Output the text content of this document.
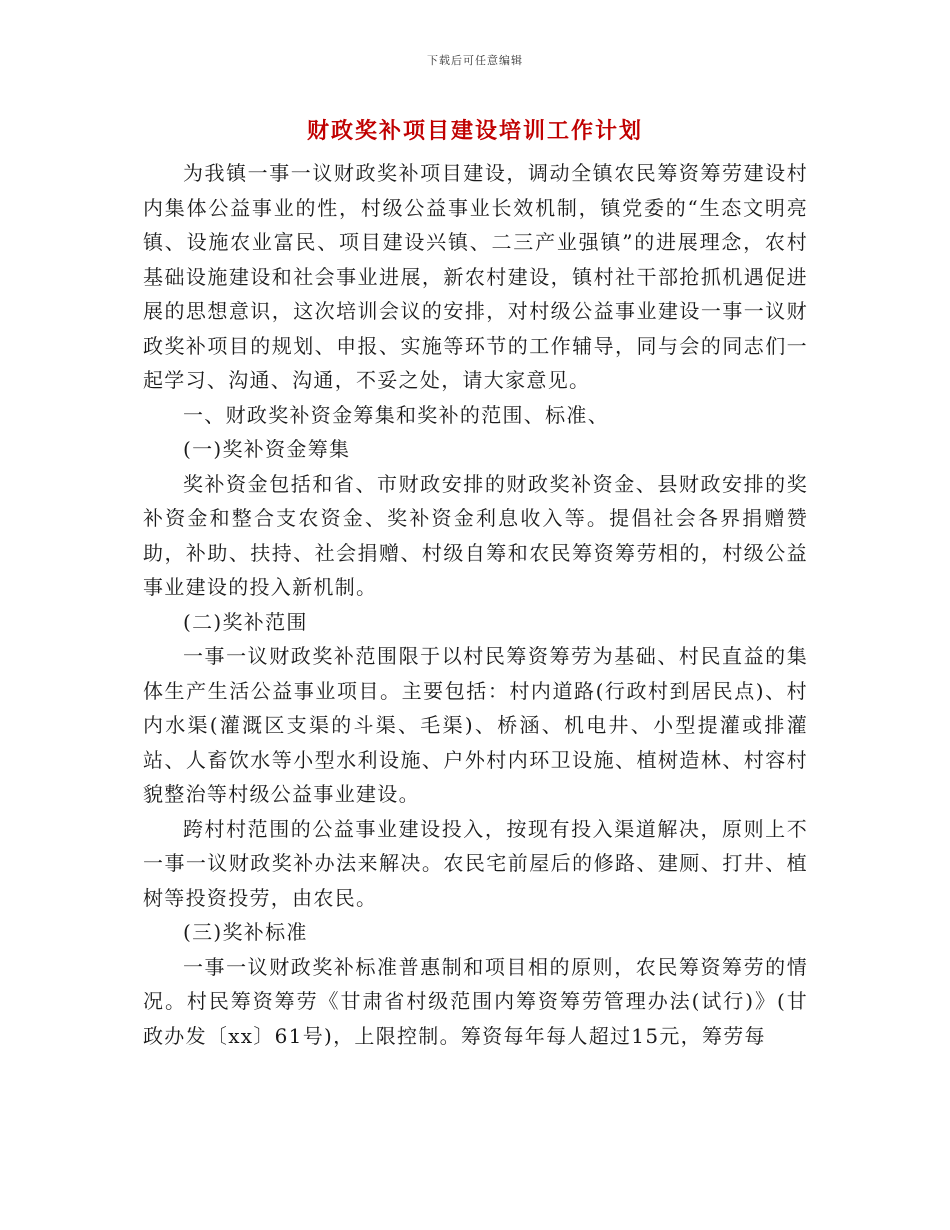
下载后可任意编辑
财政奖补项目建设培训工作计划

为我镇一事一议财政奖补项目建设，调动全镇农民筹资筹劳建设村内集体公益事业的性，村级公益事业长效机制，镇党委的“生态文明亮镇、设施农业富民、项目建设兴镇、二三产业强镇”的进展理念，农村基础设施建设和社会事业进展，新农村建设，镇村社干部抢抓机遇促进展的思想意识，这次培训会议的安排，对村级公益事业建设一事一议财政奖补项目的规划、申报、实施等环节的工作辅导，同与会的同志们一起学习、沟通、沟通，不妥之处，请大家意见。

一、财政奖补资金筹集和奖补的范围、标准、

(一)奖补资金筹集

奖补资金包括和省、市财政安排的财政奖补资金、县财政安排的奖补资金和整合支农资金、奖补资金利息收入等。提倡社会各界捐赠赞助，补助、扶持、社会捐赠、村级自筹和农民筹资筹劳相的，村级公益事业建设的投入新机制。

(二)奖补范围

一事一议财政奖补范围限于以村民筹资筹劳为基础、村民直益的集体生产生活公益事业项目。主要包括：村内道路(行政村到居民点)、村内水渠(灌溉区支渠的斗渠、毛渠)、桥涵、机电井、小型提灌或排灌站、人畜饮水等小型水利设施、户外村内环卫设施、植树造林、村容村貌整治等村级公益事业建设。

跨村村范围的公益事业建设投入，按现有投入渠道解决，原则上不一事一议财政奖补办法来解决。农民宅前屋后的修路、建厕、打井、植树等投资投劳，由农民。

(三)奖补标准

一事一议财政奖补标准普惠制和项目相的原则，农民筹资筹劳的情况。村民筹资筹劳《甘肃省村级范围内筹资筹劳管理办法(试行)》(甘政办发〔xx〕61号)，上限控制。筹资每年每人超过15元，筹劳每
